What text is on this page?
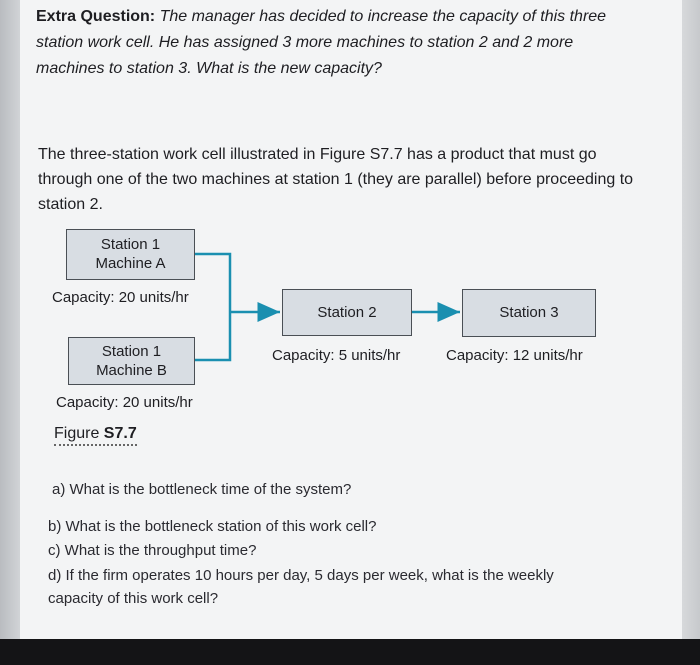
Extra Question: The manager has decided to increase the capacity of this three station work cell. He has assigned 3 more machines to station 2 and 2 more machines to station 3. What is the new capacity?
The three-station work cell illustrated in Figure S7.7 has a product that must go through one of the two machines at station 1 (they are parallel) before proceeding to station 2.
Station 1
Machine A
Capacity: 20 units/hr
Station 1
Machine B
Capacity: 20 units/hr
Station 2
Capacity: 5 units/hr
Station 3
Capacity: 12 units/hr
Figure S7.7
a) What is the bottleneck time of the system?
b) What is the bottleneck station of this work cell?
c) What is the throughput time?
d) If the firm operates 10 hours per day, 5 days per week, what is the weekly
capacity of this work cell?
